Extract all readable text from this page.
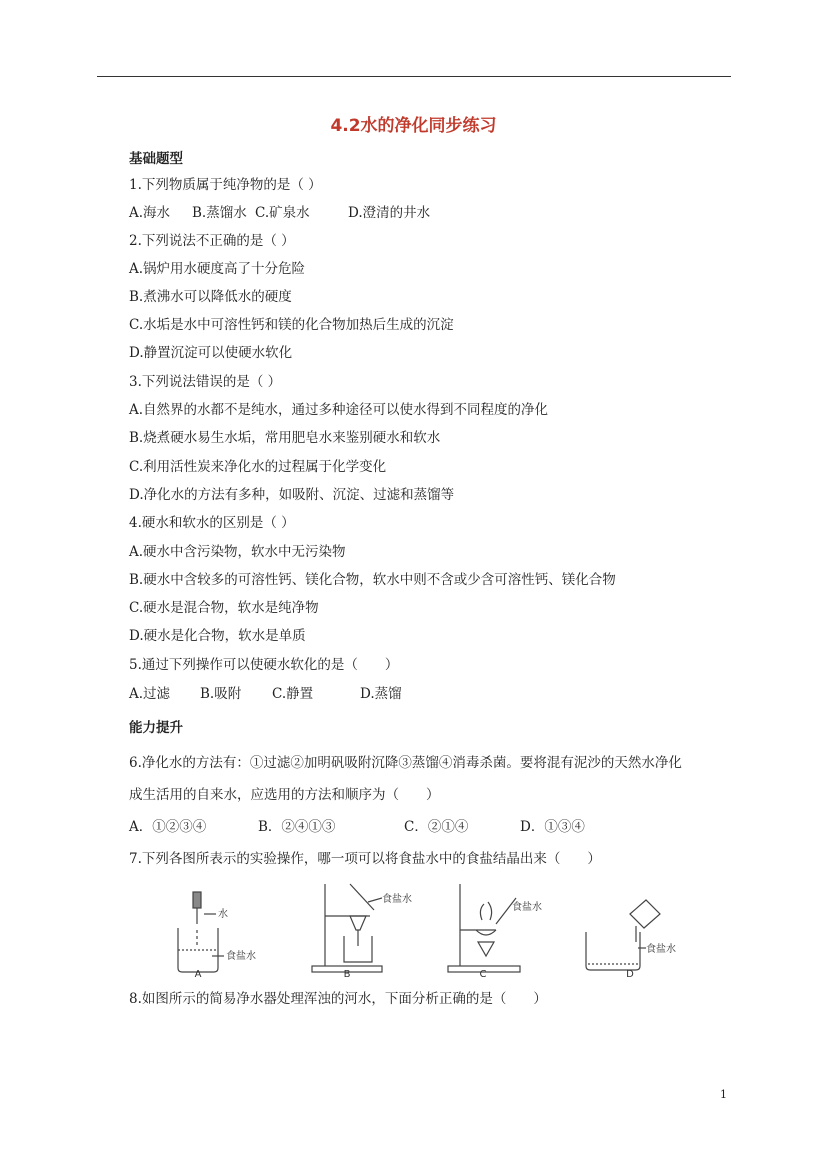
4.2水的净化同步练习
基础题型
1.下列物质属于纯净物的是（ ）
A.海水 B.蒸馏水 C.矿泉水	D.澄清的井水
2.下列说法不正确的是（ ）
A.锅炉用水硬度高了十分危险
B.煮沸水可以降低水的硬度
C.水垢是水中可溶性钙和镁的化合物加热后生成的沉淀
D.静置沉淀可以使硬水软化
3.下列说法错误的是（ ）
A.自然界的水都不是纯水，通过多种途径可以使水得到不同程度的净化
B.烧煮硬水易生水垢，常用肥皂水来鉴别硬水和软水
C.利用活性炭来净化水的过程属于化学变化
D.净化水的方法有多种，如吸附、沉淀、过滤和蒸馏等
4.硬水和软水的区别是（ ）
A.硬水中含污染物，软水中无污染物
B.硬水中含较多的可溶性钙、镁化合物，软水中则不含或少含可溶性钙、镁化合物
C.硬水是混合物，软水是纯净物
D.硬水是化合物，软水是单质
5.通过下列操作可以使硬水软化的是（　　）
A.过滤 B.吸附 C.静置	D.蒸馏
能力提升
6.净化水的方法有：①过滤②加明矾吸附沉降③蒸馏④消毒杀菌。要将混有泥沙的天然水净化
成生活用的自来水，应选用的方法和顺序为（　　）
A．①②③④	B．②④①③	C．②①④	D．①③④
7.下列各图所表示的实验操作，哪一项可以将食盐水中的食盐结晶出来（　　）
水
食盐水
A
食盐水
B
食盐水
C
食盐水
D
8.如图所示的简易净水器处理浑浊的河水，下面分析正确的是（　　）
1
